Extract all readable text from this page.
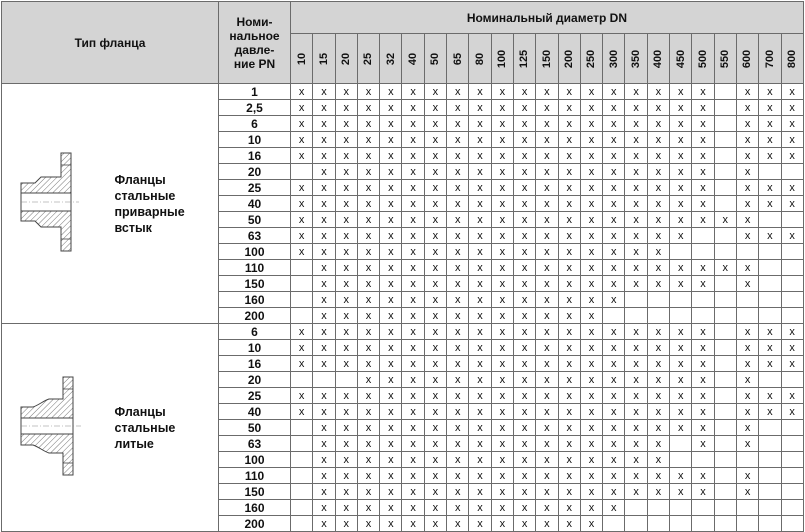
Тип фланца		Номи-
нальное
давле-
ние PN	Номинальный диаметр DN																						
			10	15	20	25	32	40	50	65	80	100	125	150	200	250	300	350	400	450	500	550	600	700	800

Фланцы
стальные
приварные
встык	1	x	x	x	x	x	x	x	x	x	x	x	x	x	x	x	x	x	x	x		x	x	x
		2,5	x	x	x	x	x	x	x	x	x	x	x	x	x	x	x	x	x	x	x		x	x	x
		6	x	x	x	x	x	x	x	x	x	x	x	x	x	x	x	x	x	x	x		x	x	x
		10	x	x	x	x	x	x	x	x	x	x	x	x	x	x	x	x	x	x	x		x	x	x
		16	x	x	x	x	x	x	x	x	x	x	x	x	x	x	x	x	x	x	x		x	x	x
		20		x	x	x	x	x	x	x	x	x	x	x	x	x	x	x	x	x	x		x		
		25	x	x	x	x	x	x	x	x	x	x	x	x	x	x	x	x	x	x	x		x	x	x
		40	x	x	x	x	x	x	x	x	x	x	x	x	x	x	x	x	x	x	x		x	x	x
		50	x	x	x	x	x	x	x	x	x	x	x	x	x	x	x	x	x	x	x	x	x		
		63	x	x	x	x	x	x	x	x	x	x	x	x	x	x	x	x	x	x			x	x	x
		100	x	x	x	x	x	x	x	x	x	x	x	x	x	x	x	x	x						
		110		x	x	x	x	x	x	x	x	x	x	x	x	x	x	x	x	x	x	x	x		
		150		x	x	x	x	x	x	x	x	x	x	x	x	x	x	x	x	x	x		x		
		160		x	x	x	x	x	x	x	x	x	x	x	x	x	x								
		200		x	x	x	x	x	x	x	x	x	x	x	x	x									

Фланцы
стальные
литые	6	x	x	x	x	x	x	x	x	x	x	x	x	x	x	x	x	x	x	x		x	x	x
		10	x	x	x	x	x	x	x	x	x	x	x	x	x	x	x	x	x	x	x		x	x	x
		16	x	x	x	x	x	x	x	x	x	x	x	x	x	x	x	x	x	x	x		x	x	x
		20				x	x	x	x	x	x	x	x	x	x	x	x	x	x	x	x		x		
		25	x	x	x	x	x	x	x	x	x	x	x	x	x	x	x	x	x	x	x		x	x	x
		40	x	x	x	x	x	x	x	x	x	x	x	x	x	x	x	x	x	x	x		x	x	x
		50		x	x	x	x	x	x	x	x	x	x	x	x	x	x	x	x	x	x		x		
		63		x	x	x	x	x	x	x	x	x	x	x	x	x	x	x	x		x		x		
		100		x	x	x	x	x	x	x	x	x	x	x	x	x	x	x	x						
		110		x	x	x	x	x	x	x	x	x	x	x	x	x	x	x	x	x	x		x		
		150		x	x	x	x	x	x	x	x	x	x	x	x	x	x	x	x	x	x		x		
		160		x	x	x	x	x	x	x	x	x	x	x	x	x	x								
		200		x	x	x	x	x	x	x	x	x	x	x	x	x									
